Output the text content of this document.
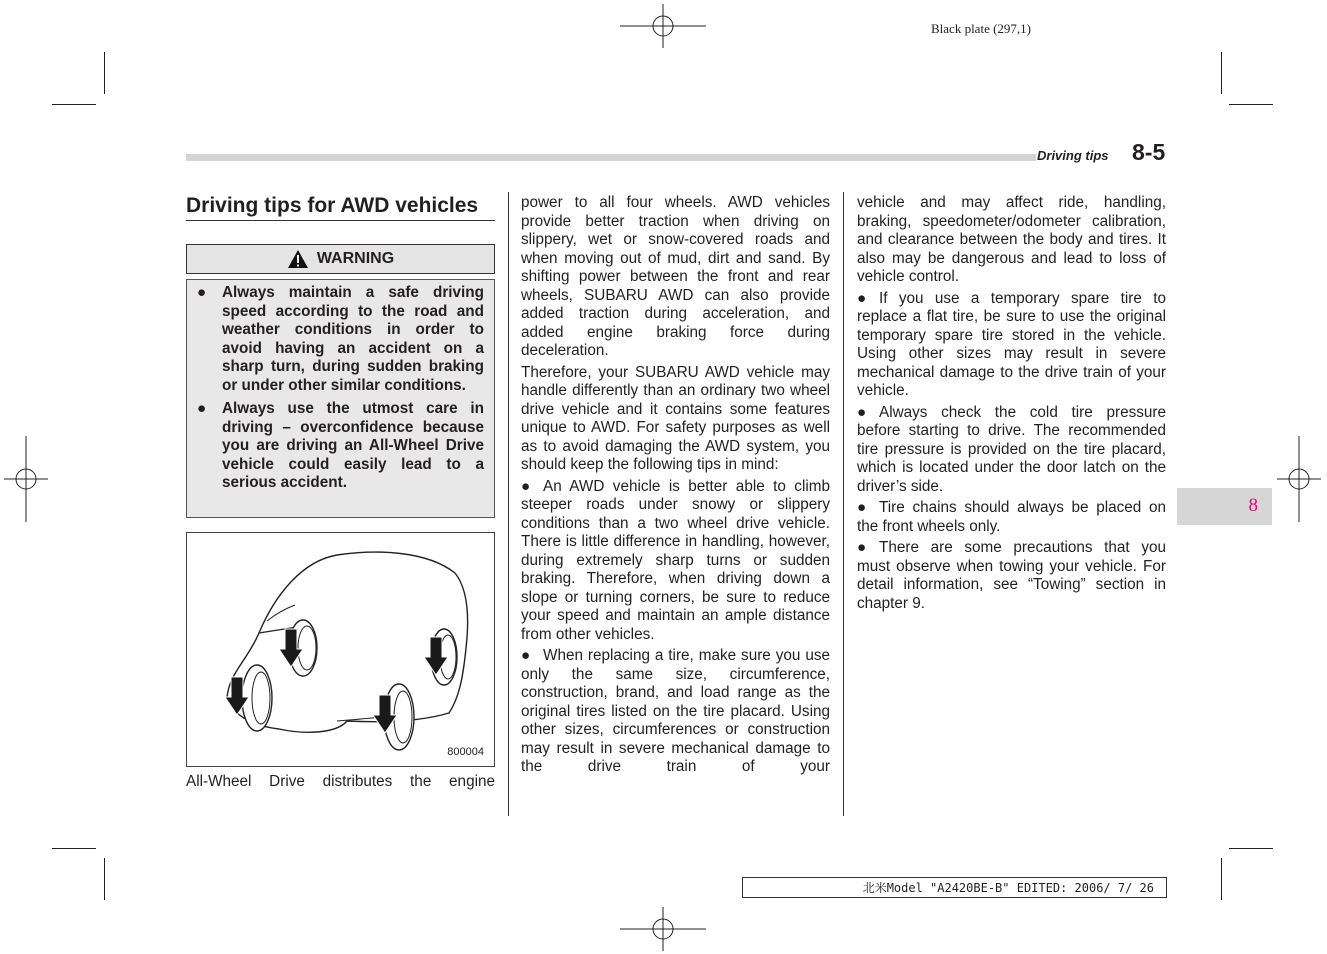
Black plate (297,1)
Driving tips 8-5
8
Driving tips for AWD vehicles
WARNING
● Always maintain a safe driving speed according to the road and weather conditions in order to avoid having an accident on a sharp turn, during sudden braking or under other similar conditions.
● Always use the utmost care in driving – overconfidence because you are driving an All-Wheel Drive vehicle could easily lead to a serious accident.
800004
All-Wheel Drive distributes the engine

power to all four wheels. AWD vehicles provide better traction when driving on slippery, wet or snow-covered roads and when moving out of mud, dirt and sand. By shifting power between the front and rear wheels, SUBARU AWD can also provide added traction during acceleration, and added engine braking force during deceleration.

Therefore, your SUBARU AWD vehicle may handle differently than an ordinary two wheel drive vehicle and it contains some features unique to AWD. For safety purposes as well as to avoid damaging the AWD system, you should keep the following tips in mind:

● An AWD vehicle is better able to climb steeper roads under snowy or slippery conditions than a two wheel drive vehicle. There is little difference in handling, however, during extremely sharp turns or sudden braking. Therefore, when driving down a slope or turning corners, be sure to reduce your speed and maintain an ample distance from other vehicles.

● When replacing a tire, make sure you use only the same size, circumference, construction, brand, and load range as the original tires listed on the tire placard. Using other sizes, circumferences or construction may result in severe mechanical damage to the drive train of your

vehicle and may affect ride, handling, braking, speedometer/odometer calibration, and clearance between the body and tires. It also may be dangerous and lead to loss of vehicle control.

● If you use a temporary spare tire to replace a flat tire, be sure to use the original temporary spare tire stored in the vehicle. Using other sizes may result in severe mechanical damage to the drive train of your vehicle.

● Always check the cold tire pressure before starting to drive. The recommended tire pressure is provided on the tire placard, which is located under the door latch on the driver’s side.

● Tire chains should always be placed on the front wheels only.

● There are some precautions that you must observe when towing your vehicle. For detail information, see “Towing” section in chapter 9.

北米Model "A2420BE-B" EDITED: 2006/ 7/ 26
